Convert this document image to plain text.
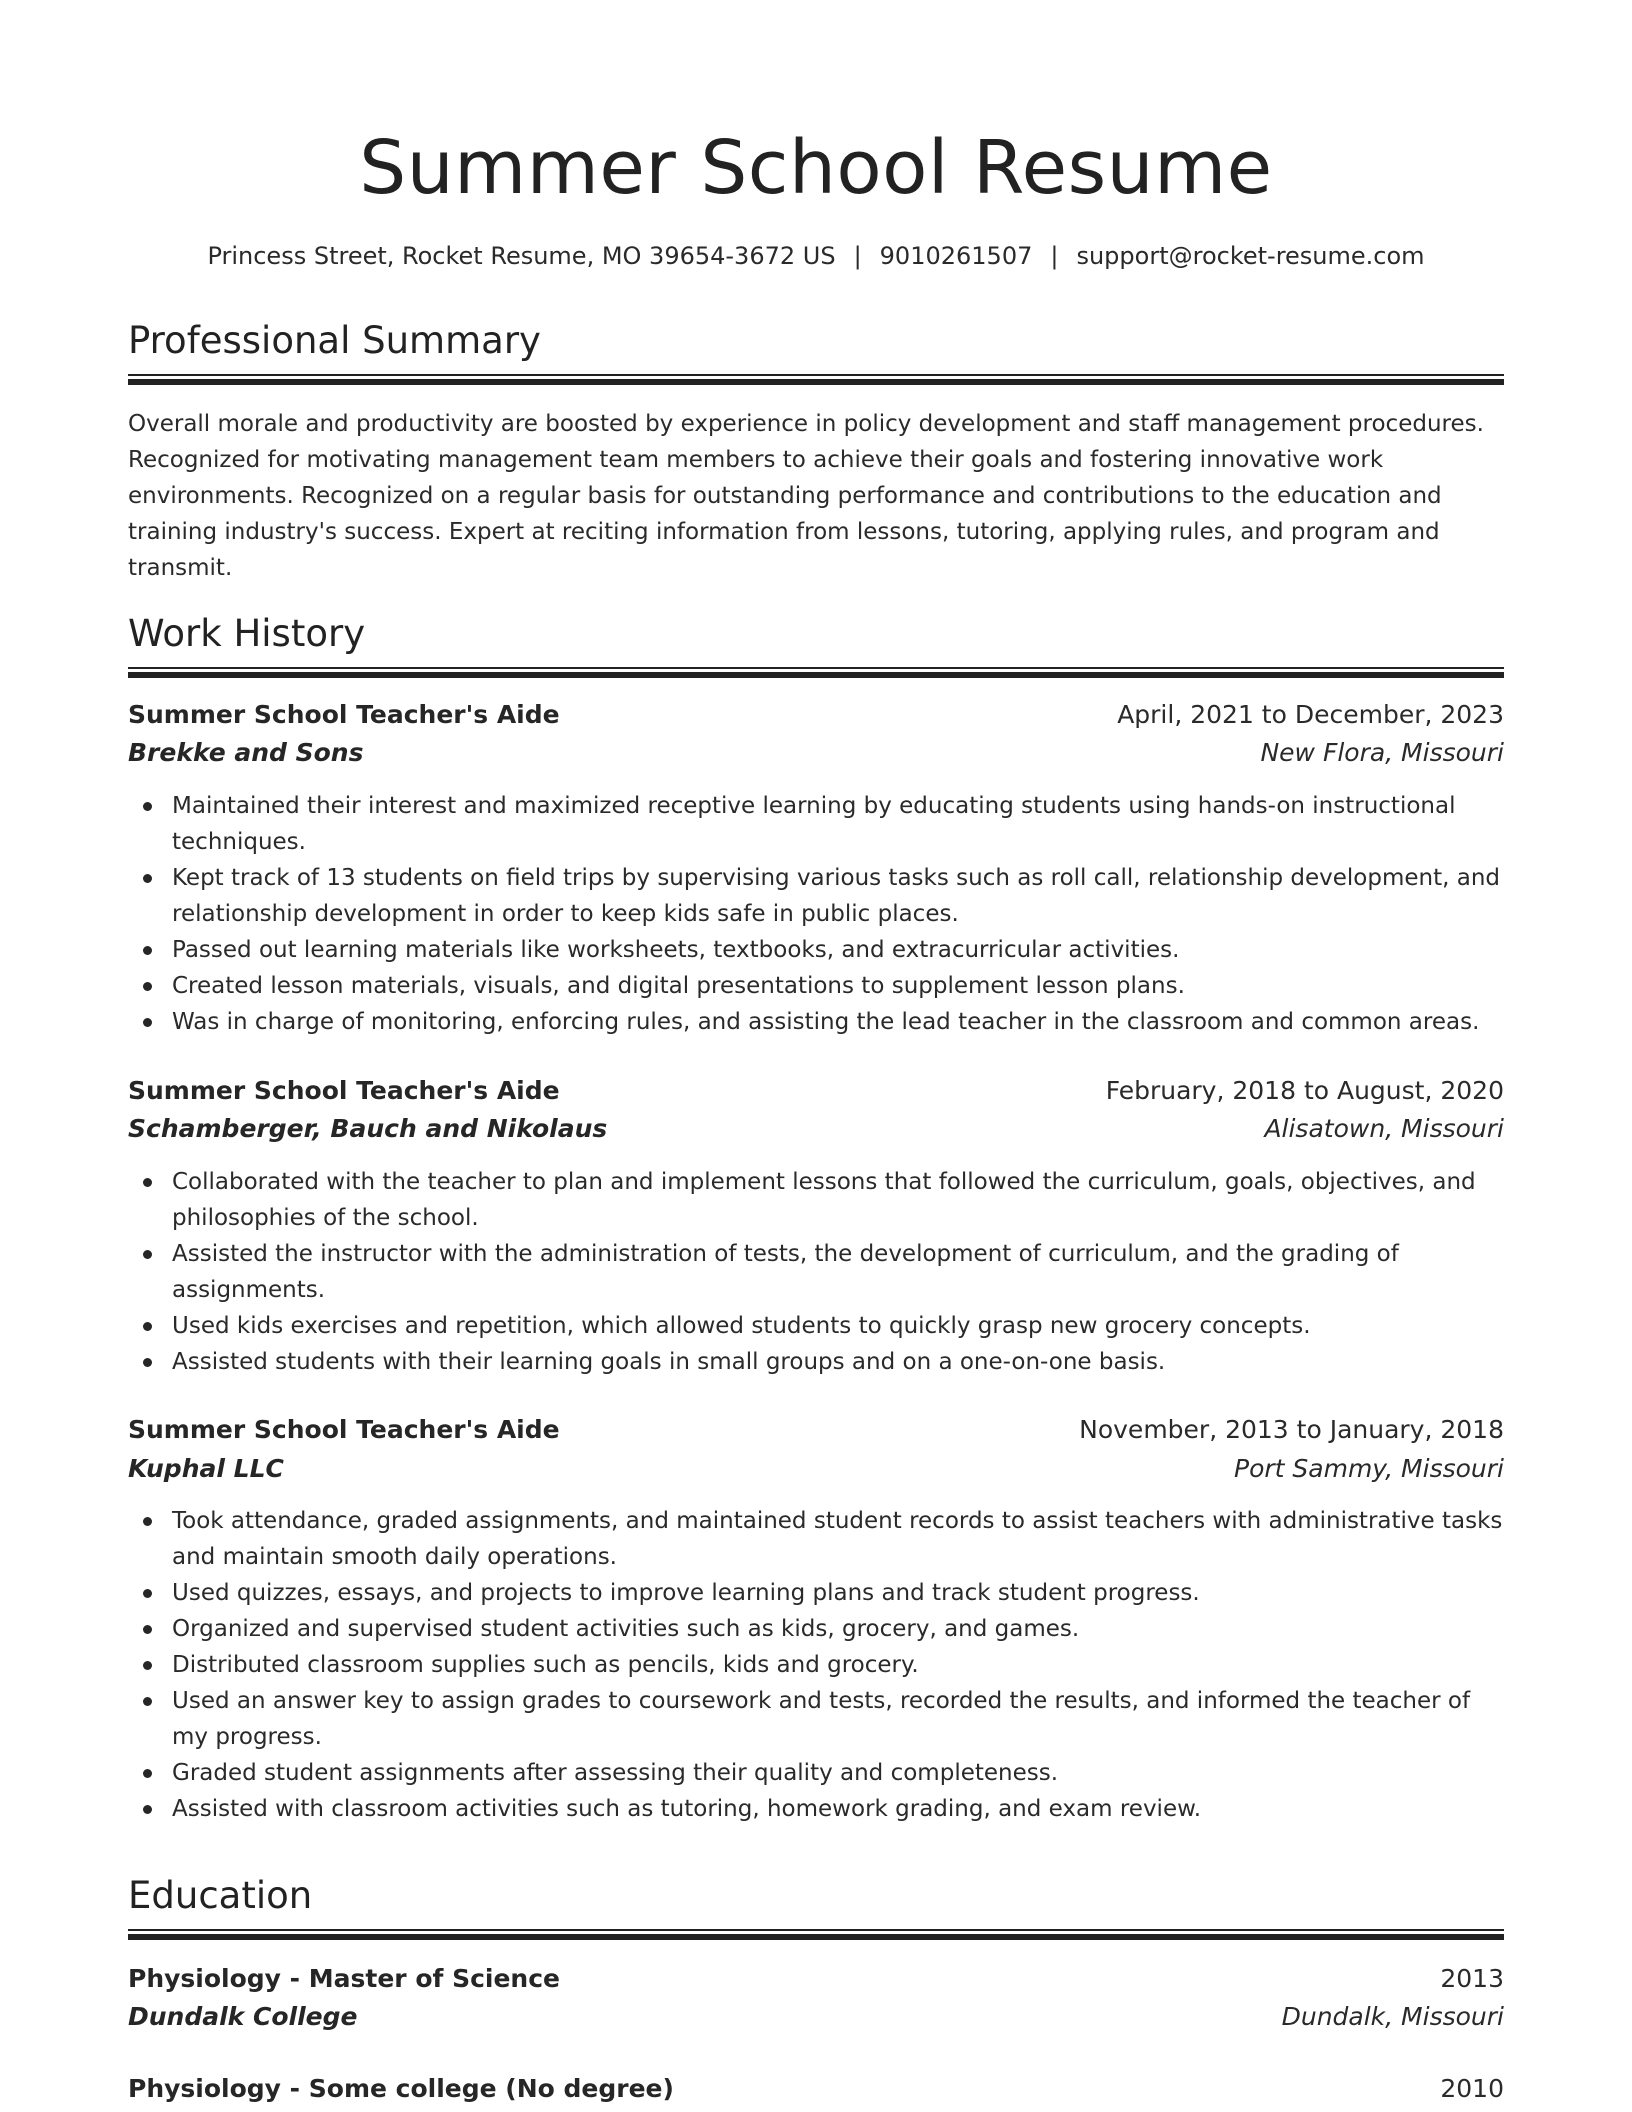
Summer School Resume
Princess Street, Rocket Resume, MO 39654-3672 US | 9010261507 | support@rocket-resume.com
Professional Summary
Overall morale and productivity are boosted by experience in policy development and staff management procedures. Recognized for motivating management team members to achieve their goals and fostering innovative work environments. Recognized on a regular basis for outstanding performance and contributions to the education and training industry's success. Expert at reciting information from lessons, tutoring, applying rules, and program and transmit.
Work History
Summer School Teacher's Aide	April, 2021 to December, 2023
Brekke and Sons	New Flora, Missouri
Maintained their interest and maximized receptive learning by educating students using hands-on instructional techniques.
Kept track of 13 students on field trips by supervising various tasks such as roll call, relationship development, and relationship development in order to keep kids safe in public places.
Passed out learning materials like worksheets, textbooks, and extracurricular activities.
Created lesson materials, visuals, and digital presentations to supplement lesson plans.
Was in charge of monitoring, enforcing rules, and assisting the lead teacher in the classroom and common areas.
Summer School Teacher's Aide	February, 2018 to August, 2020
Schamberger, Bauch and Nikolaus	Alisatown, Missouri
Collaborated with the teacher to plan and implement lessons that followed the curriculum, goals, objectives, and philosophies of the school.
Assisted the instructor with the administration of tests, the development of curriculum, and the grading of assignments.
Used kids exercises and repetition, which allowed students to quickly grasp new grocery concepts.
Assisted students with their learning goals in small groups and on a one-on-one basis.
Summer School Teacher's Aide	November, 2013 to January, 2018
Kuphal LLC	Port Sammy, Missouri
Took attendance, graded assignments, and maintained student records to assist teachers with administrative tasks and maintain smooth daily operations.
Used quizzes, essays, and projects to improve learning plans and track student progress.
Organized and supervised student activities such as kids, grocery, and games.
Distributed classroom supplies such as pencils, kids and grocery.
Used an answer key to assign grades to coursework and tests, recorded the results, and informed the teacher of my progress.
Graded student assignments after assessing their quality and completeness.
Assisted with classroom activities such as tutoring, homework grading, and exam review.
Education
Physiology - Master of Science	2013
Dundalk College	Dundalk, Missouri
Physiology - Some college (No degree)	2010
